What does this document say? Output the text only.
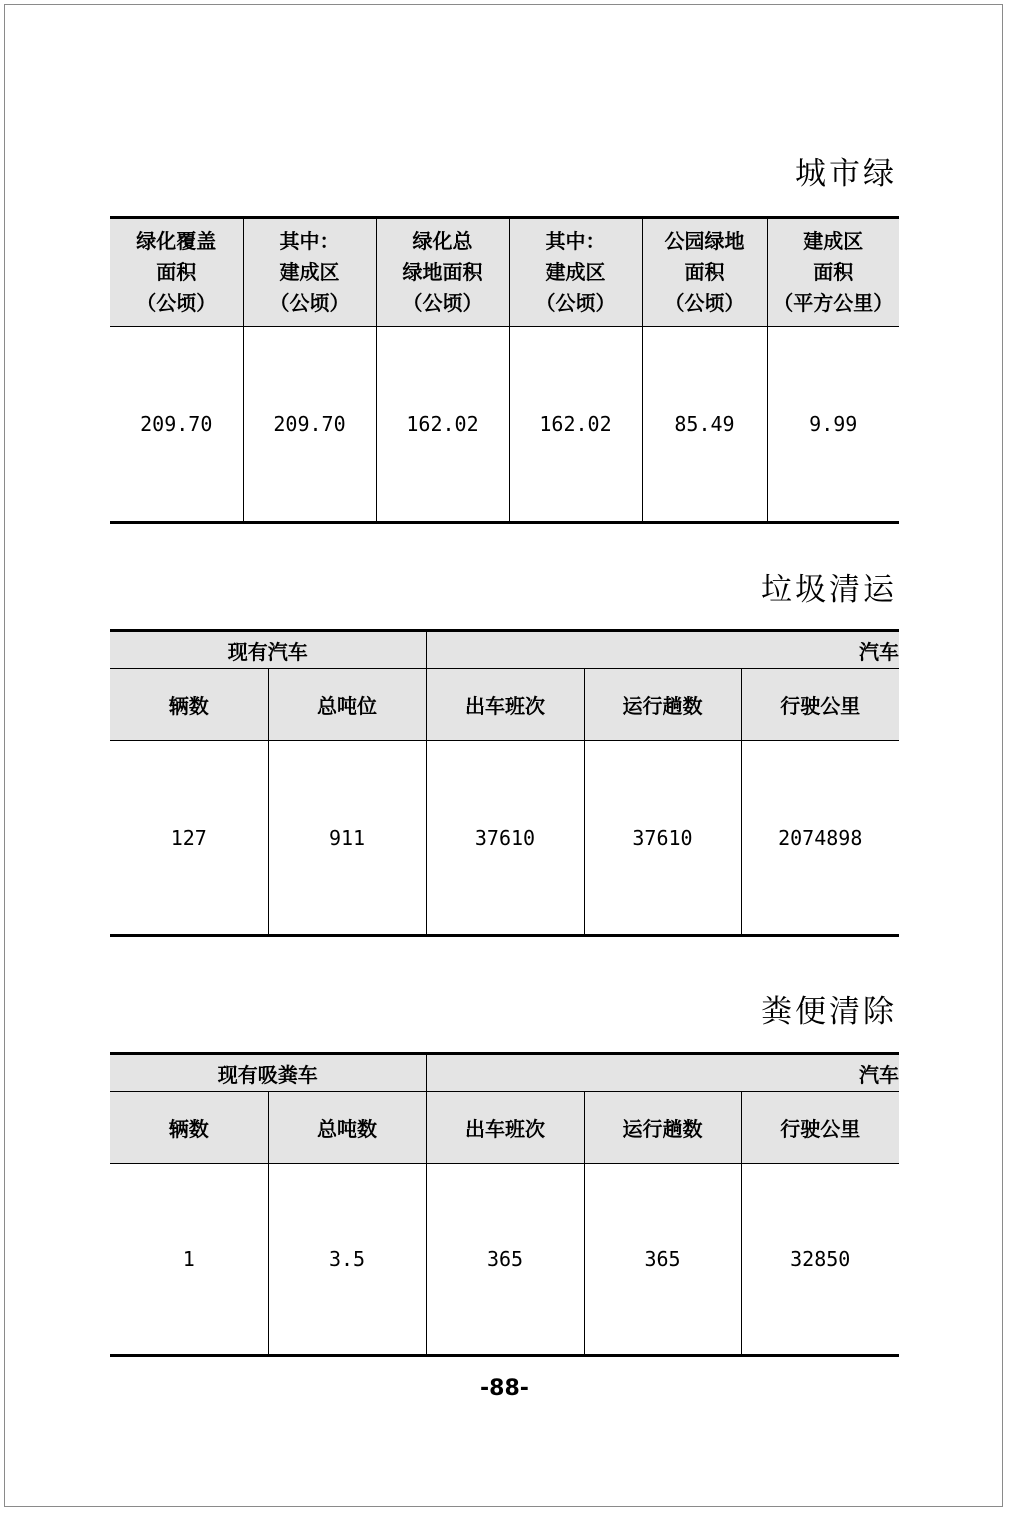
城市绿
绿化覆盖
面积
（公顷）	其中：
建成区
（公顷）	绿化总
绿地面积
（公顷）	其中：
建成区
（公顷）	公园绿地
面积
（公顷）	建成区
面积
（平方公里）

209.70	209.70	162.02	162.02	85.49	9.99
垃圾清运
现有汽车		汽车		
辆数	总吨位	出车班次	运行趟数	行驶公里
127	911	37610	37610	2074898
粪便清除
现有吸粪车		汽车		
辆数	总吨数	出车班次	运行趟数	行驶公里
1	3.5	365	365	32850
-88-
